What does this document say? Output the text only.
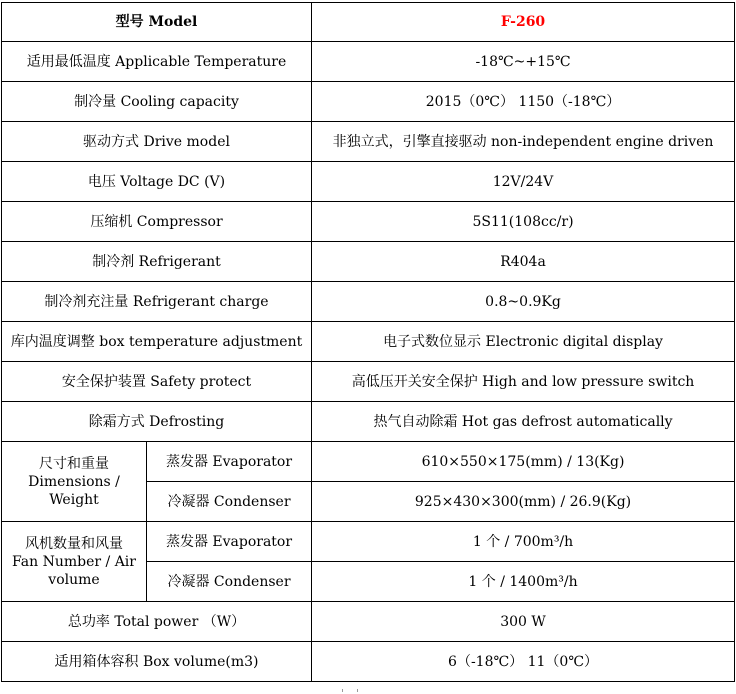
型号 Model		F-260
适用最低温度 Applicable Temperature		-18℃~+15℃
制冷量 Cooling capacity		2015（0℃） 1150（-18℃）
驱动方式 Drive model		非独立式，引擎直接驱动 non-independent engine driven
电压 Voltage DC (V)		12V/24V
压缩机 Compressor		5S11(108cc/r)
制冷剂 Refrigerant		R404a
制冷剂充注量 Refrigerant charge		0.8~0.9Kg
库内温度调整 box temperature adjustment		电子式数位显示 Electronic digital display
安全保护装置 Safety protect		高低压开关安全保护 High and low pressure switch
除霜方式 Defrosting		热气自动除霜 Hot gas defrost automatically

尺寸和重量
Dimensions /
Weight	蒸发器 Evaporator	610×550×175(mm) / 13(Kg)
	冷凝器 Condenser	925×430×300(mm) / 26.9(Kg)

风机数量和风量
Fan Number / Air
volume	蒸发器 Evaporator	1 个 / 700m³/h
	冷凝器 Condenser	1 个 / 1400m³/h
总功率 Total power （W）		300 W
适用箱体容积 Box volume(m3)		6（-18℃） 11（0℃）
